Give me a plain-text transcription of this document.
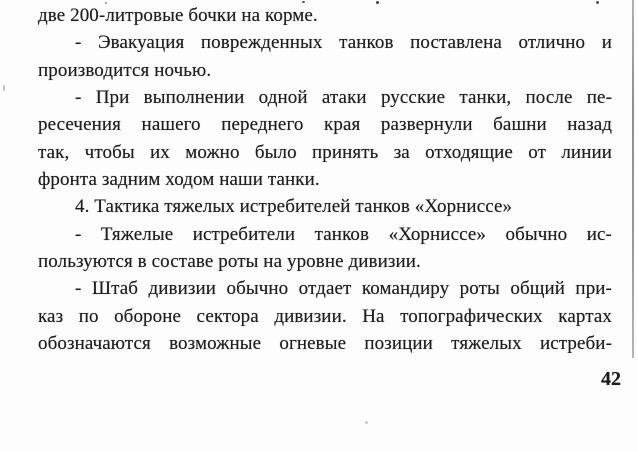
две 200-литровые бочки на корме.
- Эвакуация поврежденных танков поставлена отлично и
производится ночью.
- При выполнении одной атаки русские танки, после пе-
ресечения нашего переднего края развернули башни назад
так, чтобы их можно было принять за отходящие от линии
фронта задним ходом наши танки.
4. Тактика тяжелых истребителей танков «Хорниссе»
- Тяжелые истребители танков «Хорниссе» обычно ис-
пользуются в составе роты на уровне дивизии.
- Штаб дивизии обычно отдает командиру роты общий при-
каз по обороне сектора дивизии. На топографических картах
обозначаются возможные огневые позиции тяжелых истреби-
42
